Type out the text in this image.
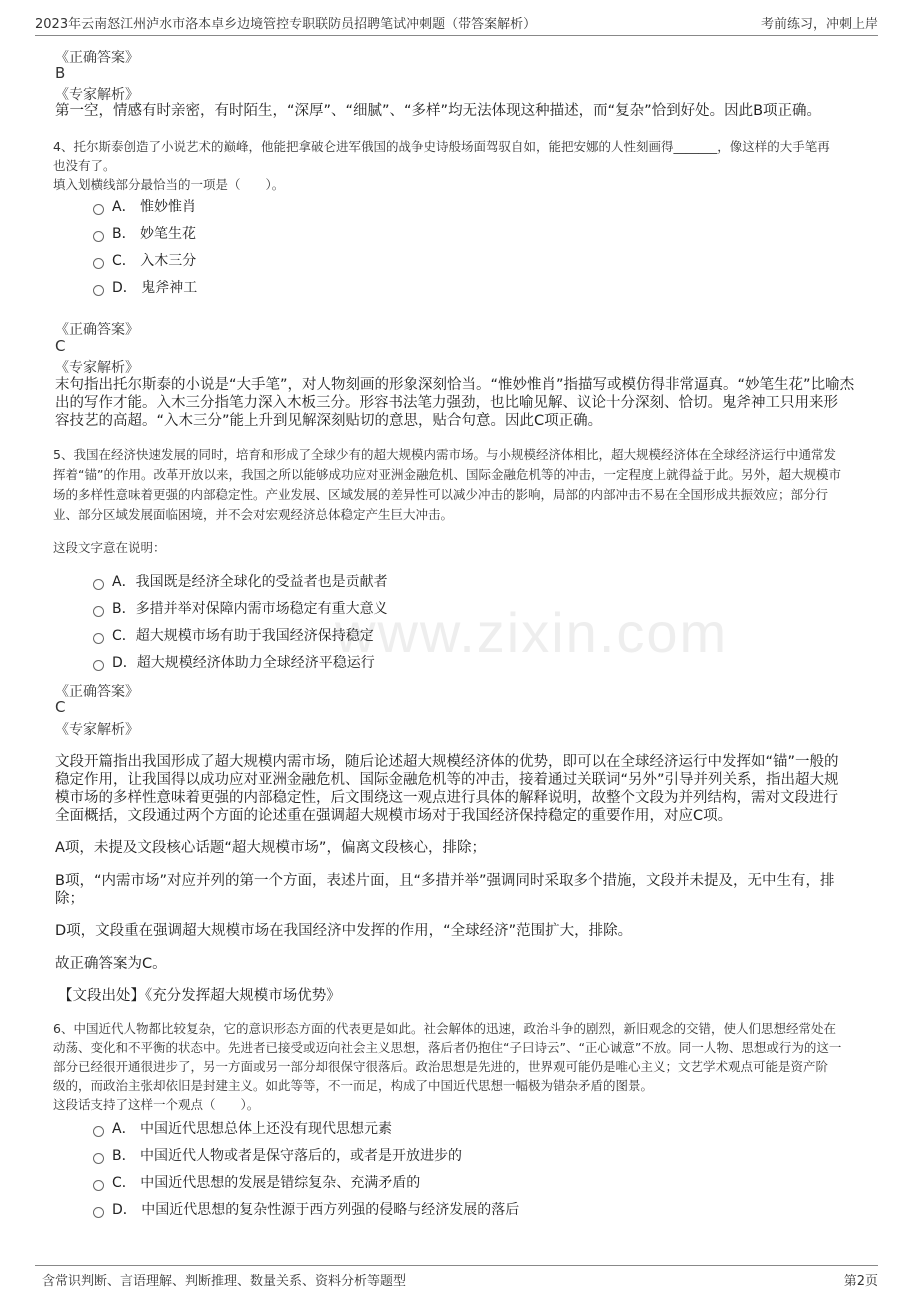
2023年云南怒江州泸水市洛本卓乡边境管控专职联防员招聘笔试冲刺题（带答案解析）	考前练习，冲刺上岸
www.zixin.com
《正确答案》
B
《专家解析》
第一空，情感有时亲密，有时陌生，“深厚”、“细腻”、“多样”均无法体现这种描述，而“复杂”恰到好处。因此B项正确。
4、托尔斯泰创造了小说艺术的巅峰，他能把拿破仑进军俄国的战争史诗般场面驾驭自如，能把安娜的人性刻画得_______，像这样的大手笔再
也没有了。
填入划横线部分最恰当的一项是（　　）。
A． 惟妙惟肖
B． 妙笔生花
C． 入木三分
D． 鬼斧神工
《正确答案》
C
《专家解析》
末句指出托尔斯泰的小说是“大手笔”，对人物刻画的形象深刻恰当。“惟妙惟肖”指描写或模仿得非常逼真。“妙笔生花”比喻杰
出的写作才能。入木三分指笔力深入木板三分。形容书法笔力强劲，也比喻见解、议论十分深刻、恰切。鬼斧神工只用来形
容技艺的高超。“入木三分”能上升到见解深刻贴切的意思，贴合句意。因此C项正确。
5、我国在经济快速发展的同时，培育和形成了全球少有的超大规模内需市场。与小规模经济体相比，超大规模经济体在全球经济运行中通常发
挥着“锚”的作用。改革开放以来，我国之所以能够成功应对亚洲金融危机、国际金融危机等的冲击，一定程度上就得益于此。另外，超大规模市
场的多样性意味着更强的内部稳定性。产业发展、区域发展的差异性可以减少冲击的影响，局部的内部冲击不易在全国形成共振效应；部分行
业、部分区域发展面临困境，并不会对宏观经济总体稳定产生巨大冲击。
这段文字意在说明：
A．我国既是经济全球化的受益者也是贡献者
B．多措并举对保障内需市场稳定有重大意义
C．超大规模市场有助于我国经济保持稳定
D．超大规模经济体助力全球经济平稳运行
《正确答案》
C
《专家解析》
文段开篇指出我国形成了超大规模内需市场，随后论述超大规模经济体的优势，即可以在全球经济运行中发挥如“锚”一般的
稳定作用，让我国得以成功应对亚洲金融危机、国际金融危机等的冲击，接着通过关联词“另外”引导并列关系，指出超大规
模市场的多样性意味着更强的内部稳定性，后文围绕这一观点进行具体的解释说明，故整个文段为并列结构，需对文段进行
全面概括，文段通过两个方面的论述重在强调超大规模市场对于我国经济保持稳定的重要作用，对应C项。
A项，未提及文段核心话题“超大规模市场”，偏离文段核心，排除；
B项，“内需市场”对应并列的第一个方面，表述片面，且“多措并举”强调同时采取多个措施，文段并未提及，无中生有，排
除；
D项，文段重在强调超大规模市场在我国经济中发挥的作用，“全球经济”范围扩大，排除。
故正确答案为C。
【文段出处】《充分发挥超大规模市场优势》
6、中国近代人物都比较复杂，它的意识形态方面的代表更是如此。社会解体的迅速，政治斗争的剧烈，新旧观念的交错，使人们思想经常处在
动荡、变化和不平衡的状态中。先进者已接受或迈向社会主义思想，落后者仍抱住“子曰诗云”、“正心诚意”不放。同一人物、思想或行为的这一
部分已经很开通很进步了，另一方面或另一部分却很保守很落后。政治思想是先进的，世界观可能仍是唯心主义；文艺学术观点可能是资产阶
级的，而政治主张却依旧是封建主义。如此等等，不一而足，构成了中国近代思想一幅极为错杂矛盾的图景。
这段话支持了这样一个观点（　　）。
A． 中国近代思想总体上还没有现代思想元素
B． 中国近代人物或者是保守落后的，或者是开放进步的
C． 中国近代思想的发展是错综复杂、充满矛盾的
D． 中国近代思想的复杂性源于西方列强的侵略与经济发展的落后
含常识判断、言语理解、判断推理、数量关系、资料分析等题型	第2页
